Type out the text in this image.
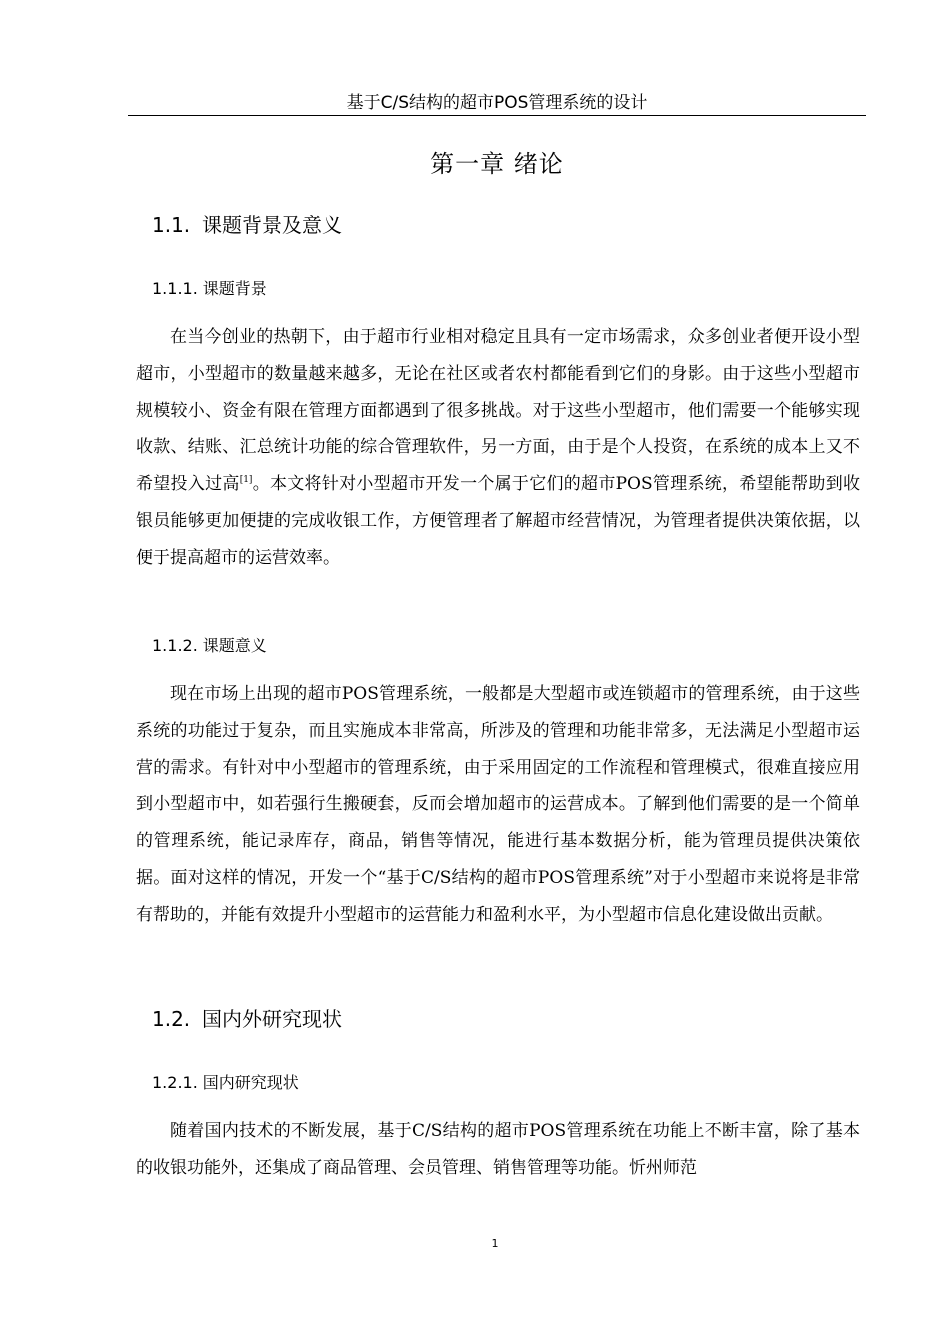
基于C/S结构的超市POS管理系统的设计
第一章 绪论
1.1. 课题背景及意义
1.1.1. 课题背景

在当今创业的热朝下，由于超市行业相对稳定且具有一定市场需求，众多创业者便开设小型超市，小型超市的数量越来越多，无论在社区或者农村都能看到它们的身影。由于这些小型超市规模较小、资金有限在管理方面都遇到了很多挑战。对于这些小型超市，他们需要一个能够实现收款、结账、汇总统计功能的综合管理软件，另一方面，由于是个人投资，在系统的成本上又不希望投入过高[1]。本文将针对小型超市开发一个属于它们的超市POS管理系统，希望能帮助到收银员能够更加便捷的完成收银工作，方便管理者了解超市经营情况，为管理者提供决策依据，以便于提高超市的运营效率。

1.1.2. 课题意义

现在市场上出现的超市POS管理系统，一般都是大型超市或连锁超市的管理系统，由于这些系统的功能过于复杂，而且实施成本非常高，所涉及的管理和功能非常多，无法满足小型超市运营的需求。有针对中小型超市的管理系统，由于采用固定的工作流程和管理模式，很难直接应用到小型超市中，如若强行生搬硬套，反而会增加超市的运营成本。了解到他们需要的是一个简单的管理系统，能记录库存，商品，销售等情况，能进行基本数据分析，能为管理员提供决策依据。面对这样的情况，开发一个“基于C/S结构的超市POS管理系统”对于小型超市来说将是非常有帮助的，并能有效提升小型超市的运营能力和盈利水平，为小型超市信息化建设做出贡献。

1.2. 国内外研究现状
1.2.1. 国内研究现状

随着国内技术的不断发展，基于C/S结构的超市POS管理系统在功能上不断丰富，除了基本的收银功能外，还集成了商品管理、会员管理、销售管理等功能。忻州师范

1
